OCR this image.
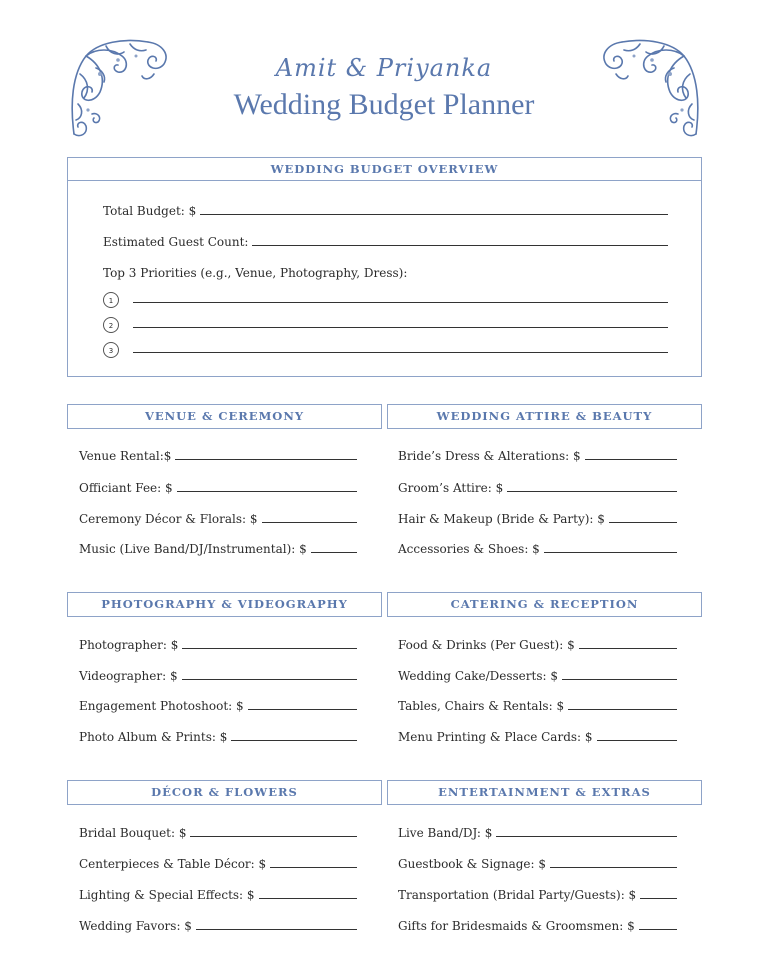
Amit & Priyanka
Wedding Budget Planner
WEDDING BUDGET OVERVIEW
Total Budget: $
Estimated Guest Count:
Top 3 Priorities (e.g., Venue, Photography, Dress):
1
2
3
VENUE & CEREMONY
Venue Rental:$
Officiant Fee: $
Ceremony Décor & Florals: $
Music (Live Band/DJ/Instrumental): $
WEDDING ATTIRE & BEAUTY
Bride’s Dress & Alterations: $
Groom’s Attire: $
Hair & Makeup (Bride & Party): $
Accessories & Shoes: $
PHOTOGRAPHY & VIDEOGRAPHY
Photographer: $
Videographer: $
Engagement Photoshoot: $
Photo Album & Prints: $
CATERING & RECEPTION
Food & Drinks (Per Guest): $
Wedding Cake/Desserts: $
Tables, Chairs & Rentals: $
Menu Printing & Place Cards: $
DÉCOR & FLOWERS
Bridal Bouquet: $
Centerpieces & Table Décor: $
Lighting & Special Effects: $
Wedding Favors: $
ENTERTAINMENT & EXTRAS
Live Band/DJ: $
Guestbook & Signage: $
Transportation (Bridal Party/Guests): $
Gifts for Bridesmaids & Groomsmen: $
